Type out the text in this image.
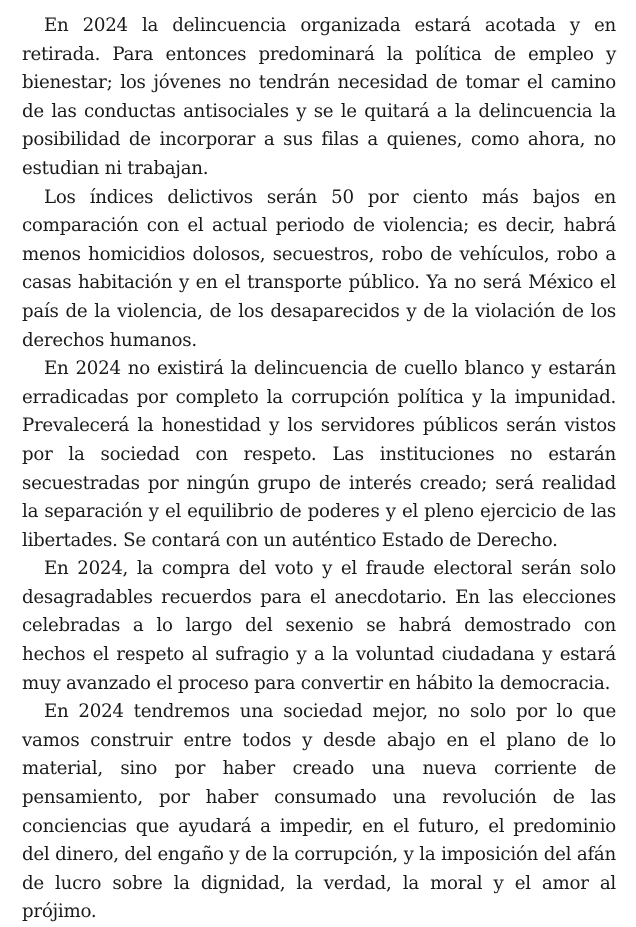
En 2024 la delincuencia organizada estará acotada y en retirada. Para entonces predominará la política de empleo y bienestar; los jóvenes no tendrán necesidad de tomar el camino de las conductas antisociales y se le quitará a la delincuencia la posibilidad de incorporar a sus filas a quienes, como ahora, no estudian ni trabajan.

Los índices delictivos serán 50 por ciento más bajos en comparación con el actual periodo de violencia; es decir, habrá menos homicidios dolosos, secuestros, robo de vehículos, robo a casas habitación y en el transporte público. Ya no será México el país de la violencia, de los desaparecidos y de la violación de los derechos humanos.

En 2024 no existirá la delincuencia de cuello blanco y estarán erradicadas por completo la corrupción política y la impunidad. Prevalecerá la honestidad y los servidores públicos serán vistos por la sociedad con respeto. Las instituciones no estarán secuestradas por ningún grupo de interés creado; será realidad la separación y el equilibrio de poderes y el pleno ejercicio de las libertades. Se contará con un auténtico Estado de Derecho.

En 2024, la compra del voto y el fraude electoral serán solo desagradables recuerdos para el anecdotario. En las elecciones celebradas a lo largo del sexenio se habrá demostrado con hechos el respeto al sufragio y a la voluntad ciudadana y estará muy avanzado el proceso para convertir en hábito la democracia.

En 2024 tendremos una sociedad mejor, no solo por lo que vamos construir entre todos y desde abajo en el plano de lo material, sino por haber creado una nueva corriente de pensamiento, por haber consumado una revolución de las conciencias que ayudará a impedir, en el futuro, el predominio del dinero, del engaño y de la corrupción, y la imposición del afán de lucro sobre la dignidad, la verdad, la moral y el amor al prójimo.
